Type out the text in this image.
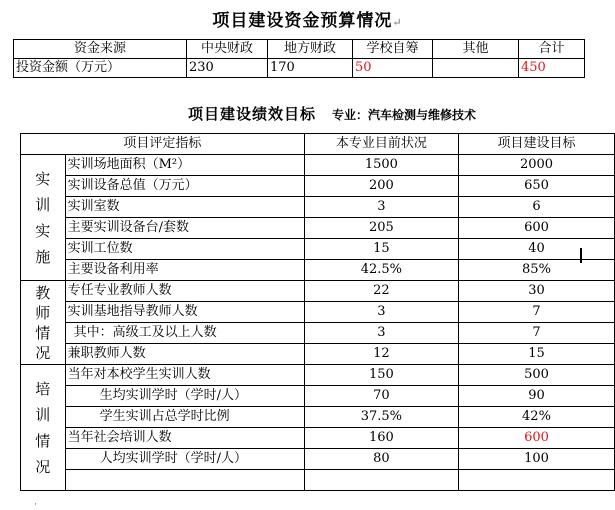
项目建设资金预算情况↵
资金来源	中央财政	地方财政	学校自筹	其他	合计
投资金额（万元）	230	170	50		450
项目建设绩效目标 专业：汽车检测与维修技术
项目评定指标		本专业目前状况	项目建设目标

实
训
实
施	实训场地面积（M²）	1500	2000
	实训设备总值（万元）	200	650
	实训室数	3	6
	主要实训设备台/套数	205	600
	实训工位数	15	40
	主要设备利用率	42.5%	85%

教
师
情
况	专任专业教师人数	22	30
	实训基地指导教师人数	3	7
	其中：高级工及以上人数	3	7
	兼职教师人数	12	15

培
训
情
况	当年对本校学生实训人数	150	500
	生均实训学时（学时/人）	70	90
	学生实训占总学时比例	37.5%	42%
	当年社会培训人数	160	600
	人均实训学时（学时/人）	80	100

·
